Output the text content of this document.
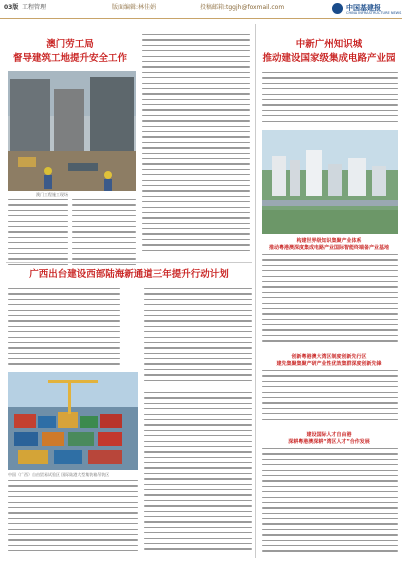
03版 工程管理	版面编辑:林佳娟	投稿邮箱:tggjh@foxmail.com	中国基建报
CHINA INFRASTRUCTURE NEWS
澳门劳工局
督导建筑工地提升安全工作
澳门工程施工现场
广西出台建设西部陆海新通道三年提升行动计划
中国（广西）自由贸易试验区 国际陆港大型集装箱吊装区
中新广州知识城
推动建设国家级集成电路产业园
构建世界级知识集聚产业体系
推动粤港澳深度集成电路产业国际智能终端备产业基地
创新粤港澳大湾区制度创新先行区
建先集聚集聚产研产业性优效集群深度创新先锋
建设国际人才自由港
深耕粤港澳深耕“湾区人才”合作发展
